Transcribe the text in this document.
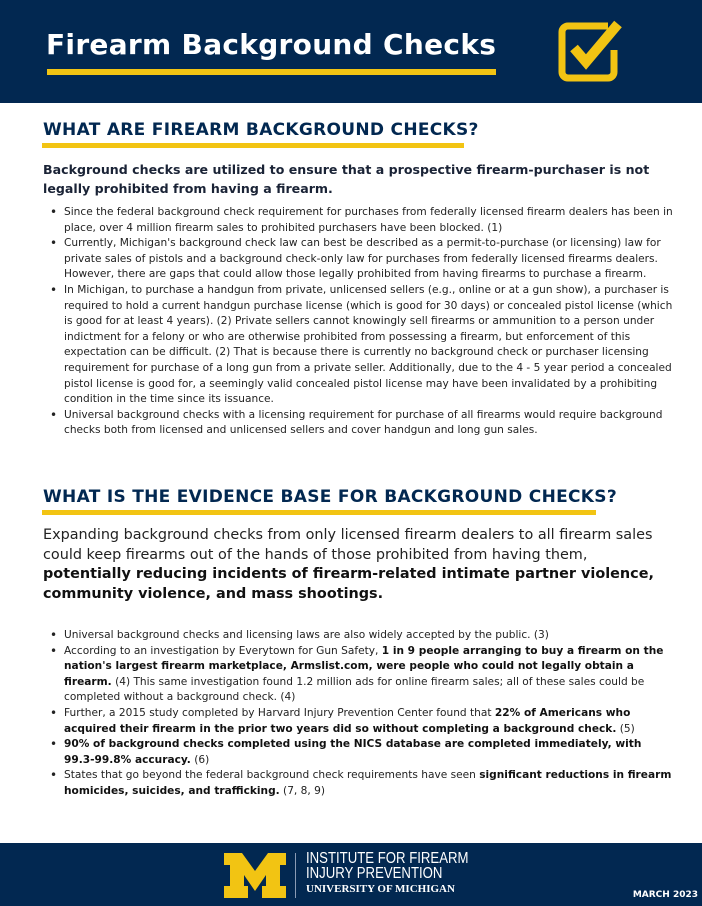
Firearm Background Checks
WHAT ARE FIREARM BACKGROUND CHECKS?
Background checks are utilized to ensure that a prospective firearm-purchaser is not legally prohibited from having a firearm.
• Since the federal background check requirement for purchases from federally licensed firearm dealers has been in place, over 4 million firearm sales to prohibited purchasers have been blocked. (1)
• Currently, Michigan's background check law can best be described as a permit-to-purchase (or licensing) law for private sales of pistols and a background check-only law for purchases from federally licensed firearms dealers. However, there are gaps that could allow those legally prohibited from having firearms to purchase a firearm.
• In Michigan, to purchase a handgun from private, unlicensed sellers (e.g., online or at a gun show), a purchaser is required to hold a current handgun purchase license (which is good for 30 days) or concealed pistol license (which is good for at least 4 years). (2) Private sellers cannot knowingly sell firearms or ammunition to a person under indictment for a felony or who are otherwise prohibited from possessing a firearm, but enforcement of this expectation can be difficult. (2) That is because there is currently no background check or purchaser licensing requirement for purchase of a long gun from a private seller. Additionally, due to the 4 - 5 year period a concealed pistol license is good for, a seemingly valid concealed pistol license may have been invalidated by a prohibiting condition in the time since its issuance.
• Universal background checks with a licensing requirement for purchase of all firearms would require background checks both from licensed and unlicensed sellers and cover handgun and long gun sales.
WHAT IS THE EVIDENCE BASE FOR BACKGROUND CHECKS?
Expanding background checks from only licensed firearm dealers to all firearm sales could keep firearms out of the hands of those prohibited from having them, potentially reducing incidents of firearm-related intimate partner violence, community violence, and mass shootings.
• Universal background checks and licensing laws are also widely accepted by the public. (3)
• According to an investigation by Everytown for Gun Safety, 1 in 9 people arranging to buy a firearm on the nation's largest firearm marketplace, Armslist.com, were people who could not legally obtain a firearm. (4) This same investigation found 1.2 million ads for online firearm sales; all of these sales could be completed without a background check. (4)
• Further, a 2015 study completed by Harvard Injury Prevention Center found that 22% of Americans who acquired their firearm in the prior two years did so without completing a background check. (5)
• 90% of background checks completed using the NICS database are completed immediately, with 99.3-99.8% accuracy. (6)
• States that go beyond the federal background check requirements have seen significant reductions in firearm homicides, suicides, and trafficking. (7, 8, 9)
INSTITUTE FOR FIREARM
INJURY PREVENTION
UNIVERSITY OF MICHIGAN	MARCH 2023
